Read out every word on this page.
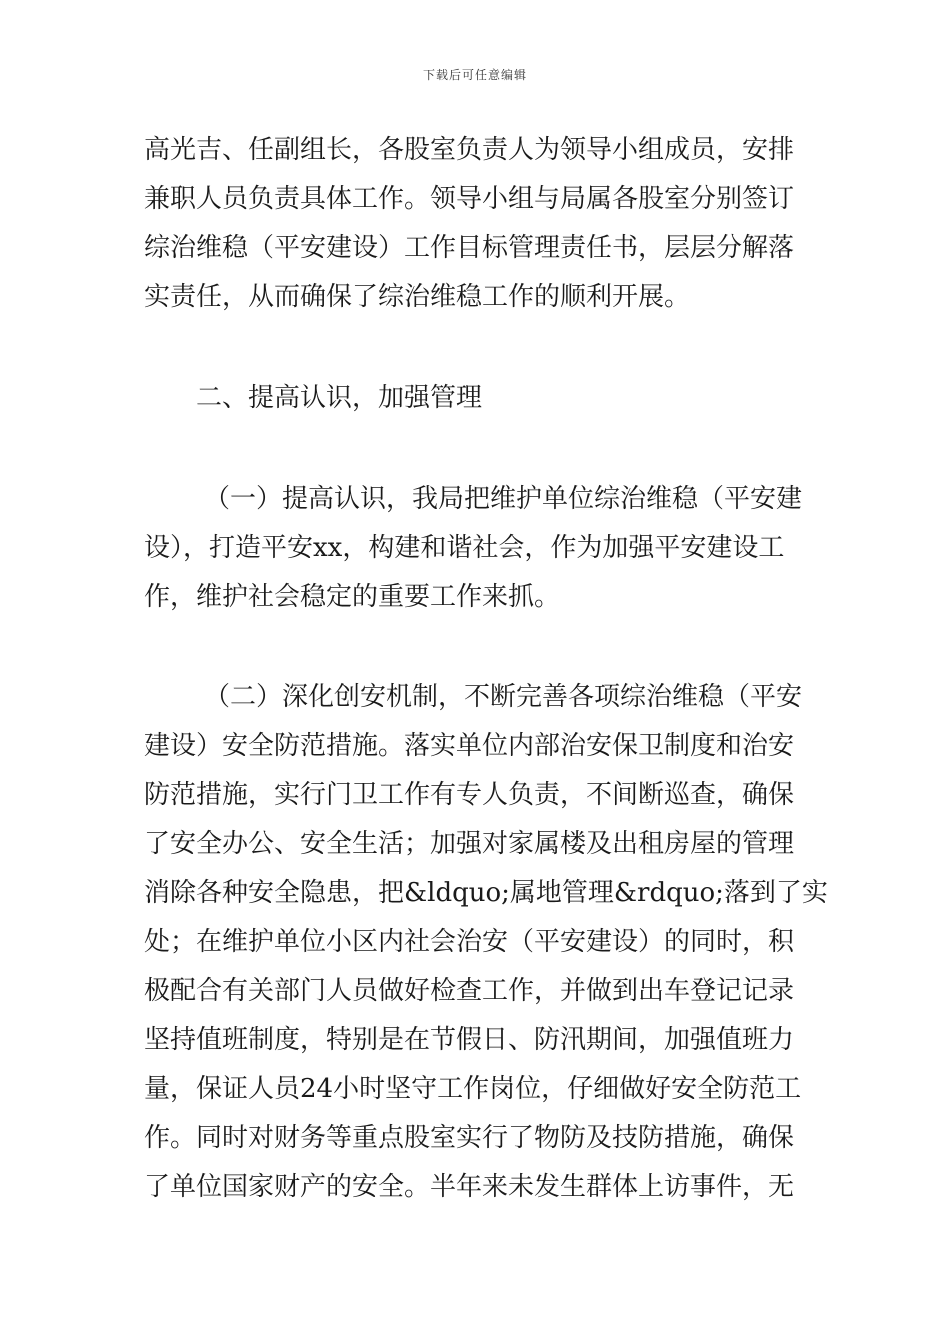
下载后可任意编辑
高光吉、任副组长，各股室负责人为领导小组成员，安排
兼职人员负责具体工作。领导小组与局属各股室分别签订
综治维稳（平安建设）工作目标管理责任书，层层分解落
实责任，从而确保了综治维稳工作的顺利开展。
二、提高认识，加强管理
（一）提高认识，我局把维护单位综治维稳（平安建
设），打造平安xx，构建和谐社会，作为加强平安建设工
作，维护社会稳定的重要工作来抓。
（二）深化创安机制，不断完善各项综治维稳（平安
建设）安全防范措施。落实单位内部治安保卫制度和治安
防范措施，实行门卫工作有专人负责，不间断巡查，确保
了安全办公、安全生活；加强对家属楼及出租房屋的管理
消除各种安全隐患，把&ldquo;属地管理&rdquo;落到了实
处；在维护单位小区内社会治安（平安建设）的同时，积
极配合有关部门人员做好检查工作，并做到出车登记记录
坚持值班制度，特别是在节假日、防汛期间，加强值班力
量，保证人员24小时坚守工作岗位，仔细做好安全防范工
作。同时对财务等重点股室实行了物防及技防措施，确保
了单位国家财产的安全。半年来未发生群体上访事件，无
